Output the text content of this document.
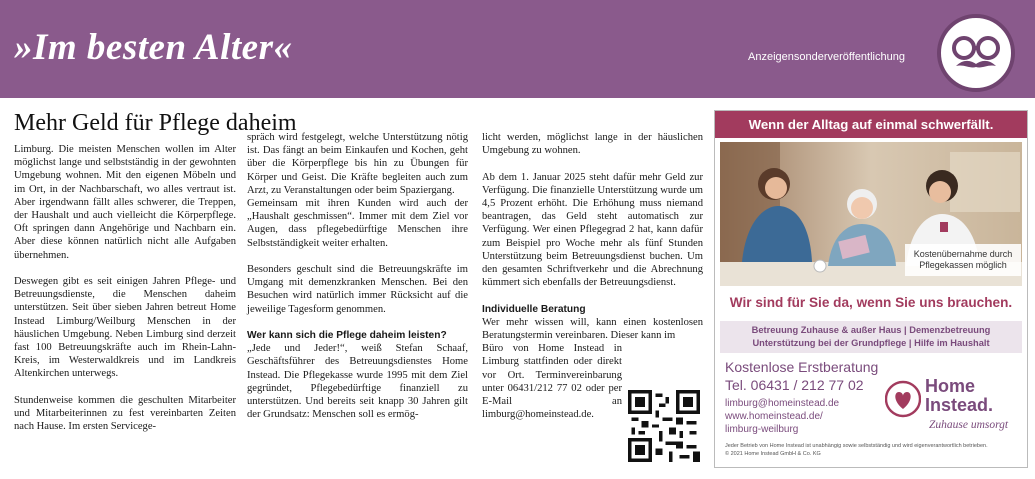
»Im besten Alter«	Anzeigensonderveröffentlichung
Mehr Geld für Pflege daheim

Limburg. Die meisten Menschen wollen im Alter möglichst lange und selbstständig in der gewohnten Umgebung wohnen. Mit den eigenen Möbeln und im Ort, in der Nachbarschaft, wo alles vertraut ist. Aber irgendwann fällt alles schwerer, die Treppen, der Haushalt und auch vielleicht die Körperpflege. Oft springen dann Angehörige und Nachbarn ein. Aber diese können natürlich nicht alle Aufgaben übernehmen.

Deswegen gibt es seit einigen Jahren Pflege- und Betreuungsdienste, die Menschen daheim unterstützen. Seit über sieben Jahren betreut Home Instead Limburg/Weilburg Menschen in der häuslichen Umgebung. Neben Limburg sind derzeit fast 100 Betreuungskräfte auch im Rhein-Lahn-Kreis, im Westerwaldkreis und im Landkreis Altenkirchen unterwegs.

Stundenweise kommen die geschulten Mitarbeiter und Mitarbeiterinnen zu fest vereinbarten Zeiten nach Hause. Im ersten Servicege-

spräch wird festgelegt, welche Unterstützung nötig ist. Das fängt an beim Einkaufen und Kochen, geht über die Körperpflege bis hin zu Übungen für Körper und Geist. Die Kräfte begleiten auch zum Arzt, zu Veranstaltungen oder beim Spaziergang.

Gemeinsam mit ihren Kunden wird auch der „Haushalt geschmissen“. Immer mit dem Ziel vor Augen, dass pflegebedürftige Menschen ihre Selbstständigkeit weiter erhalten.

Besonders geschult sind die Betreuungskräfte im Umgang mit demenzkranken Menschen. Bei den Besuchen wird natürlich immer Rücksicht auf die jeweilige Tagesform genommen.

Wer kann sich die Pflege daheim leisten?

„Jede und Jeder!“, weiß Stefan Schaaf, Geschäftsführer des Betreuungsdienstes Home Instead. Die Pflegekasse wurde 1995 mit dem Ziel gegründet, Pflegebedürftige finanziell zu unterstützen. Und bereits seit knapp 30 Jahren gilt der Grundsatz: Menschen soll es ermög-

licht werden, möglichst lange in der häuslichen Umgebung zu wohnen.

Ab dem 1. Januar 2025 steht dafür mehr Geld zur Verfügung. Die finanzielle Unterstützung wurde um 4,5 Prozent erhöht. Die Erhöhung muss niemand beantragen, das Geld steht automatisch zur Verfügung. Wer einen Pflegegrad 2 hat, kann dafür zum Beispiel pro Woche mehr als fünf Stunden Unterstützung beim Betreuungsdienst buchen. Um den gesamten Schriftverkehr und die Abrechnung kümmert sich ebenfalls der Betreuungsdienst.

Individuelle Beratung

Wer mehr wissen will, kann einen kostenlosen Beratungstermin vereinbaren. Dieser kann im

Büro von Home Instead in Limburg stattfinden oder direkt vor Ort. Terminvereinbarung unter 06431/212 77 02 oder per E-Mail an limburg@homeinstead.de.

Wenn der Alltag auf einmal schwerfällt.
Kostenübernahme durch
Pflegekassen möglich
Wir sind für Sie da, wenn Sie uns brauchen.
Betreuung Zuhause & außer Haus | Demenzbetreuung
Unterstützung bei der Grundpflege | Hilfe im Haushalt
Kostenlose Erstberatung
Tel. 06431 / 212 77 02
limburg@homeinstead.de
www.homeinstead.de/
limburg-weilburg
Home
Instead.
Zuhause umsorgt
Jeder Betrieb von Home Instead ist unabhängig sowie selbstständig und wird eigenverantwortlich betrieben.
© 2021 Home Instead GmbH & Co. KG
